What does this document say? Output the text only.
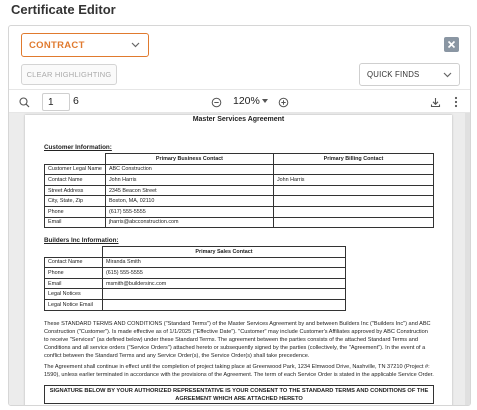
Certificate Editor
CONTRACT
CLEAR HIGHLIGHTING	QUICK FINDS
1	6	120%
Master Services Agreement
Customer Information:
	Primary Business Contact	Primary Billing Contact
Customer Legal Name	ABC Construction	
Contact Name	John Harris	John Harris
Street Address	2345 Beacon Street	
City, State, Zip	Boston, MA, 02110	
Phone	(617) 555-5555	
Email	jharris@abcconstruction.com	
Builders Inc Information:
	Primary Sales Contact
Contact Name	Miranda Smith
Phone	(615) 555-5555
Email	msmith@buildersinc.com
Legal Notices	
Legal Notice Email	
These STANDARD TERMS AND CONDITIONS ("Standard Terms") of the Master Services Agreement by and between Builders Inc ("Builders Inc") and ABC Construction ("Customer"). Is made effective as of 1/1/2025 ("Effective Date"). "Customer" may include Customer's Affiliates approved by ABC Construction to receive "Services" (as defined below) under these Standard Terms. The agreement between the parties consists of the attached Standard Terms and Conditions and all service orders ("Service Orders") attached hereto or subsequently signed by the parties (collectively, the "Agreement"). In the event of a conflict between the Standard Terms and any Service Order(s), the Service Order(s) shall take precedence.
The Agreement shall continue in effect until the completion of project taking place at Greenwood Park, 1234 Elmwood Drive, Nashville, TN 37210 (Project #: 1590), unless earlier terminated in accordance with the provisions of the Agreement. The term of each Service Order is stated in the applicable Service Order.
SIGNATURE BELOW BY YOUR AUTHORIZED REPRESENTATIVE IS YOUR CONSENT TO THE STANDARD TERMS AND CONDITIONS OF THE AGREEMENT WHICH ARE ATTACHED HERETO
